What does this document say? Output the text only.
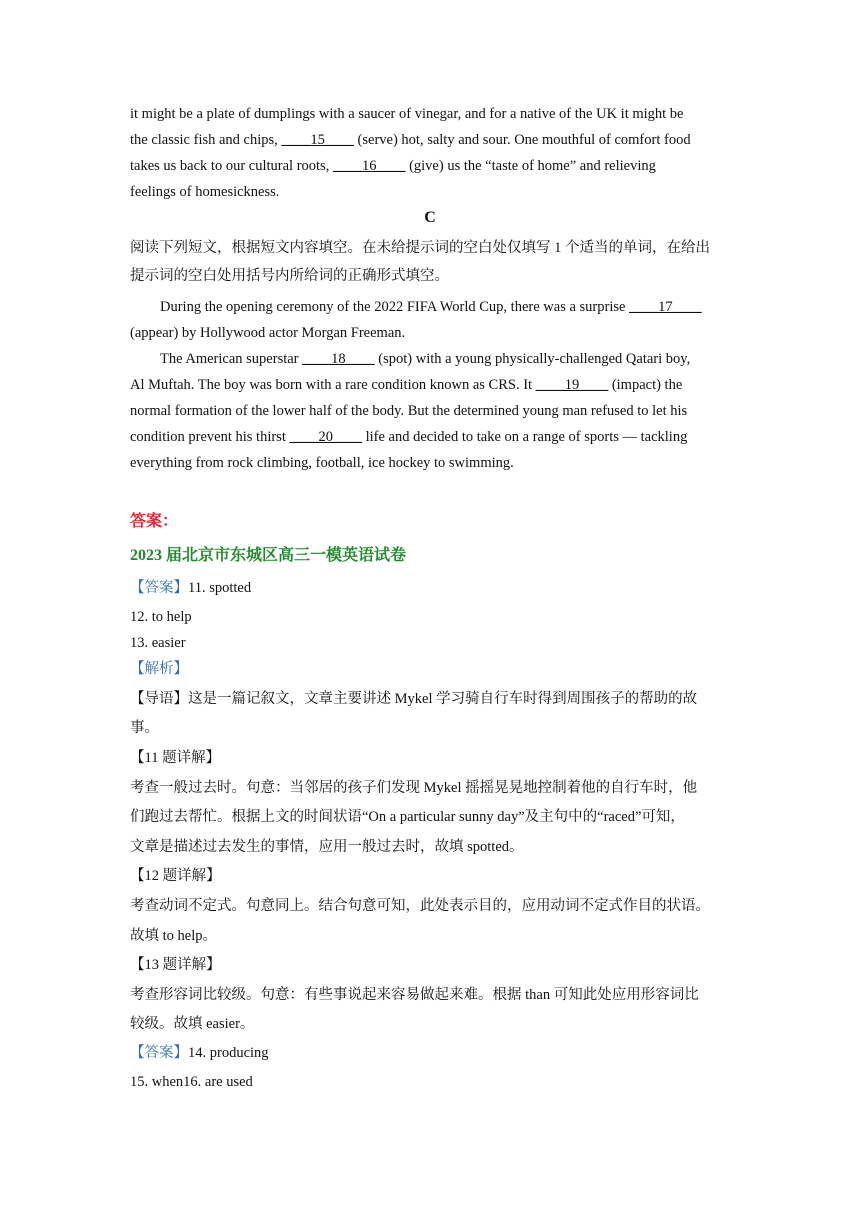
it might be a plate of dumplings with a saucer of vinegar, and for a native of the UK it might be
the classic fish and chips, ____15____ (serve) hot, salty and sour. One mouthful of comfort food
takes us back to our cultural roots, ____16____ (give) us the “taste of home” and relieving
feelings of homesickness.
C
阅读下列短文，根据短文内容填空。在未给提示词的空白处仅填写 1 个适当的单词，在给出
提示词的空白处用括号内所给词的正确形式填空。
During the opening ceremony of the 2022 FIFA World Cup, there was a surprise ____17____
(appear) by Hollywood actor Morgan Freeman.
The American superstar ____18____ (spot) with a young physically-challenged Qatari boy,
Al Muftah. The boy was born with a rare condition known as CRS. It ____19____ (impact) the
normal formation of the lower half of the body. But the determined young man refused to let his
condition prevent his thirst ____20____ life and decided to take on a range of sports — tackling
everything from rock climbing, football, ice hockey to swimming.
答案：
2023 届北京市东城区高三一模英语试卷
【答案】11. spotted
12. to help
13. easier
【解析】
【导语】这是一篇记叙文，文章主要讲述 Mykel 学习骑自行车时得到周围孩子的帮助的故
事。
【11 题详解】
考查一般过去时。句意：当邻居的孩子们发现 Mykel 摇摇晃晃地控制着他的自行车时，他
们跑过去帮忙。根据上文的时间状语“On a particular sunny day”及主句中的“raced”可知，
文章是描述过去发生的事情，应用一般过去时，故填 spotted。
【12 题详解】
考查动词不定式。句意同上。结合句意可知，此处表示目的，应用动词不定式作目的状语。
故填 to help。
【13 题详解】
考查形容词比较级。句意：有些事说起来容易做起来难。根据 than 可知此处应用形容词比
较级。故填 easier。
【答案】14. producing
15. when16. are used
